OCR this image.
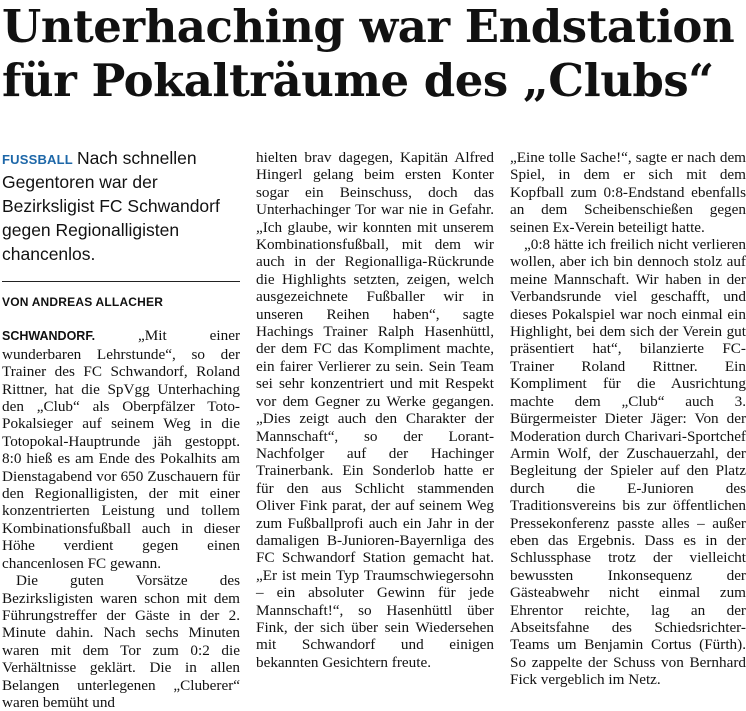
Unterhaching war Endstation
für Pokalträume des „Clubs“

FUSSBALL Nach schnellen Gegentoren war der Bezirksligist FC Schwandorf gegen Regionalligisten chancenlos.

VON ANDREAS ALLACHER

SCHWANDORF.	„Mit einer wunderbaren Lehrstunde“, so der Trainer des FC Schwandorf, Roland Rittner, hat die SpVgg Unterhaching den „Club“ als Oberpfälzer Toto-Pokalsieger auf seinem Weg in die Totopokal-Hauptrunde jäh gestoppt. 8:0 hieß es am Ende des Pokalhits am Dienstagabend vor 650 Zuschauern für den Regionalligisten, der mit einer konzentrierten Leistung und tollem Kombinationsfußball auch in dieser Höhe verdient gegen einen chancenlosen FC gewann.

Die guten Vorsätze des Bezirksligisten waren schon mit dem Führungstreffer der Gäste in der 2. Minute dahin. Nach sechs Minuten waren mit dem Tor zum 0:2 die Verhältnisse geklärt. Die in allen Belangen unterlegenen „Cluberer“ waren bemüht und

hielten brav dagegen, Kapitän Alfred Hingerl gelang beim ersten Konter sogar ein Beinschuss, doch das Unterhachinger Tor war nie in Gefahr. „Ich glaube, wir konnten mit unserem Kombinationsfußball, mit dem wir auch in der Regionalliga-Rückrunde die Highlights setzten, zeigen, welch ausgezeichnete Fußballer wir in unseren Reihen haben“, sagte Hachings Trainer Ralph Hasenhüttl, der dem FC das Kompliment machte, ein fairer Verlierer zu sein. Sein Team sei sehr konzentriert und mit Respekt vor dem Gegner zu Werke gegangen. „Dies zeigt auch den Charakter der Mannschaft“, so der Lorant-Nachfolger auf der Hachinger Trainerbank. Ein Sonderlob hatte er für den aus Schlicht stammenden Oliver Fink parat, der auf seinem Weg zum Fußballprofi auch ein Jahr in der damaligen B-Junioren-Bayernliga des FC Schwandorf Station gemacht hat. „Er ist mein Typ Traumschwiegersohn – ein absoluter Gewinn für jede Mannschaft!“, so Hasenhüttl über Fink, der sich über sein Wiedersehen mit Schwandorf und einigen bekannten Gesichtern freute.

„Eine tolle Sache!“, sagte er nach dem Spiel, in dem er sich mit dem Kopfball zum 0:8-Endstand ebenfalls an dem Scheibenschießen gegen seinen Ex-Verein beteiligt hatte.

„0:8 hätte ich freilich nicht verlieren wollen, aber ich bin dennoch stolz auf meine Mannschaft. Wir haben in der Verbandsrunde viel geschafft, und dieses Pokalspiel war noch einmal ein Highlight, bei dem sich der Verein gut präsentiert hat“, bilanzierte FC-Trainer Roland Rittner. Ein Kompliment für die Ausrichtung machte dem „Club“ auch 3. Bürgermeister Dieter Jäger: Von der Moderation durch Charivari-Sportchef Armin Wolf, der Zuschauerzahl, der Begleitung der Spieler auf den Platz durch die E-Junioren des Traditionsvereins bis zur öffentlichen Pressekonferenz passte alles – außer eben das Ergebnis. Dass es in der Schlussphase trotz der vielleicht bewussten Inkonsequenz der Gästeabwehr nicht einmal zum Ehrentor reichte, lag an der Abseitsfahne des Schiedsrichter-Teams um Benjamin Cortus (Fürth). So zappelte der Schuss von Bernhard Fick vergeblich im Netz.
